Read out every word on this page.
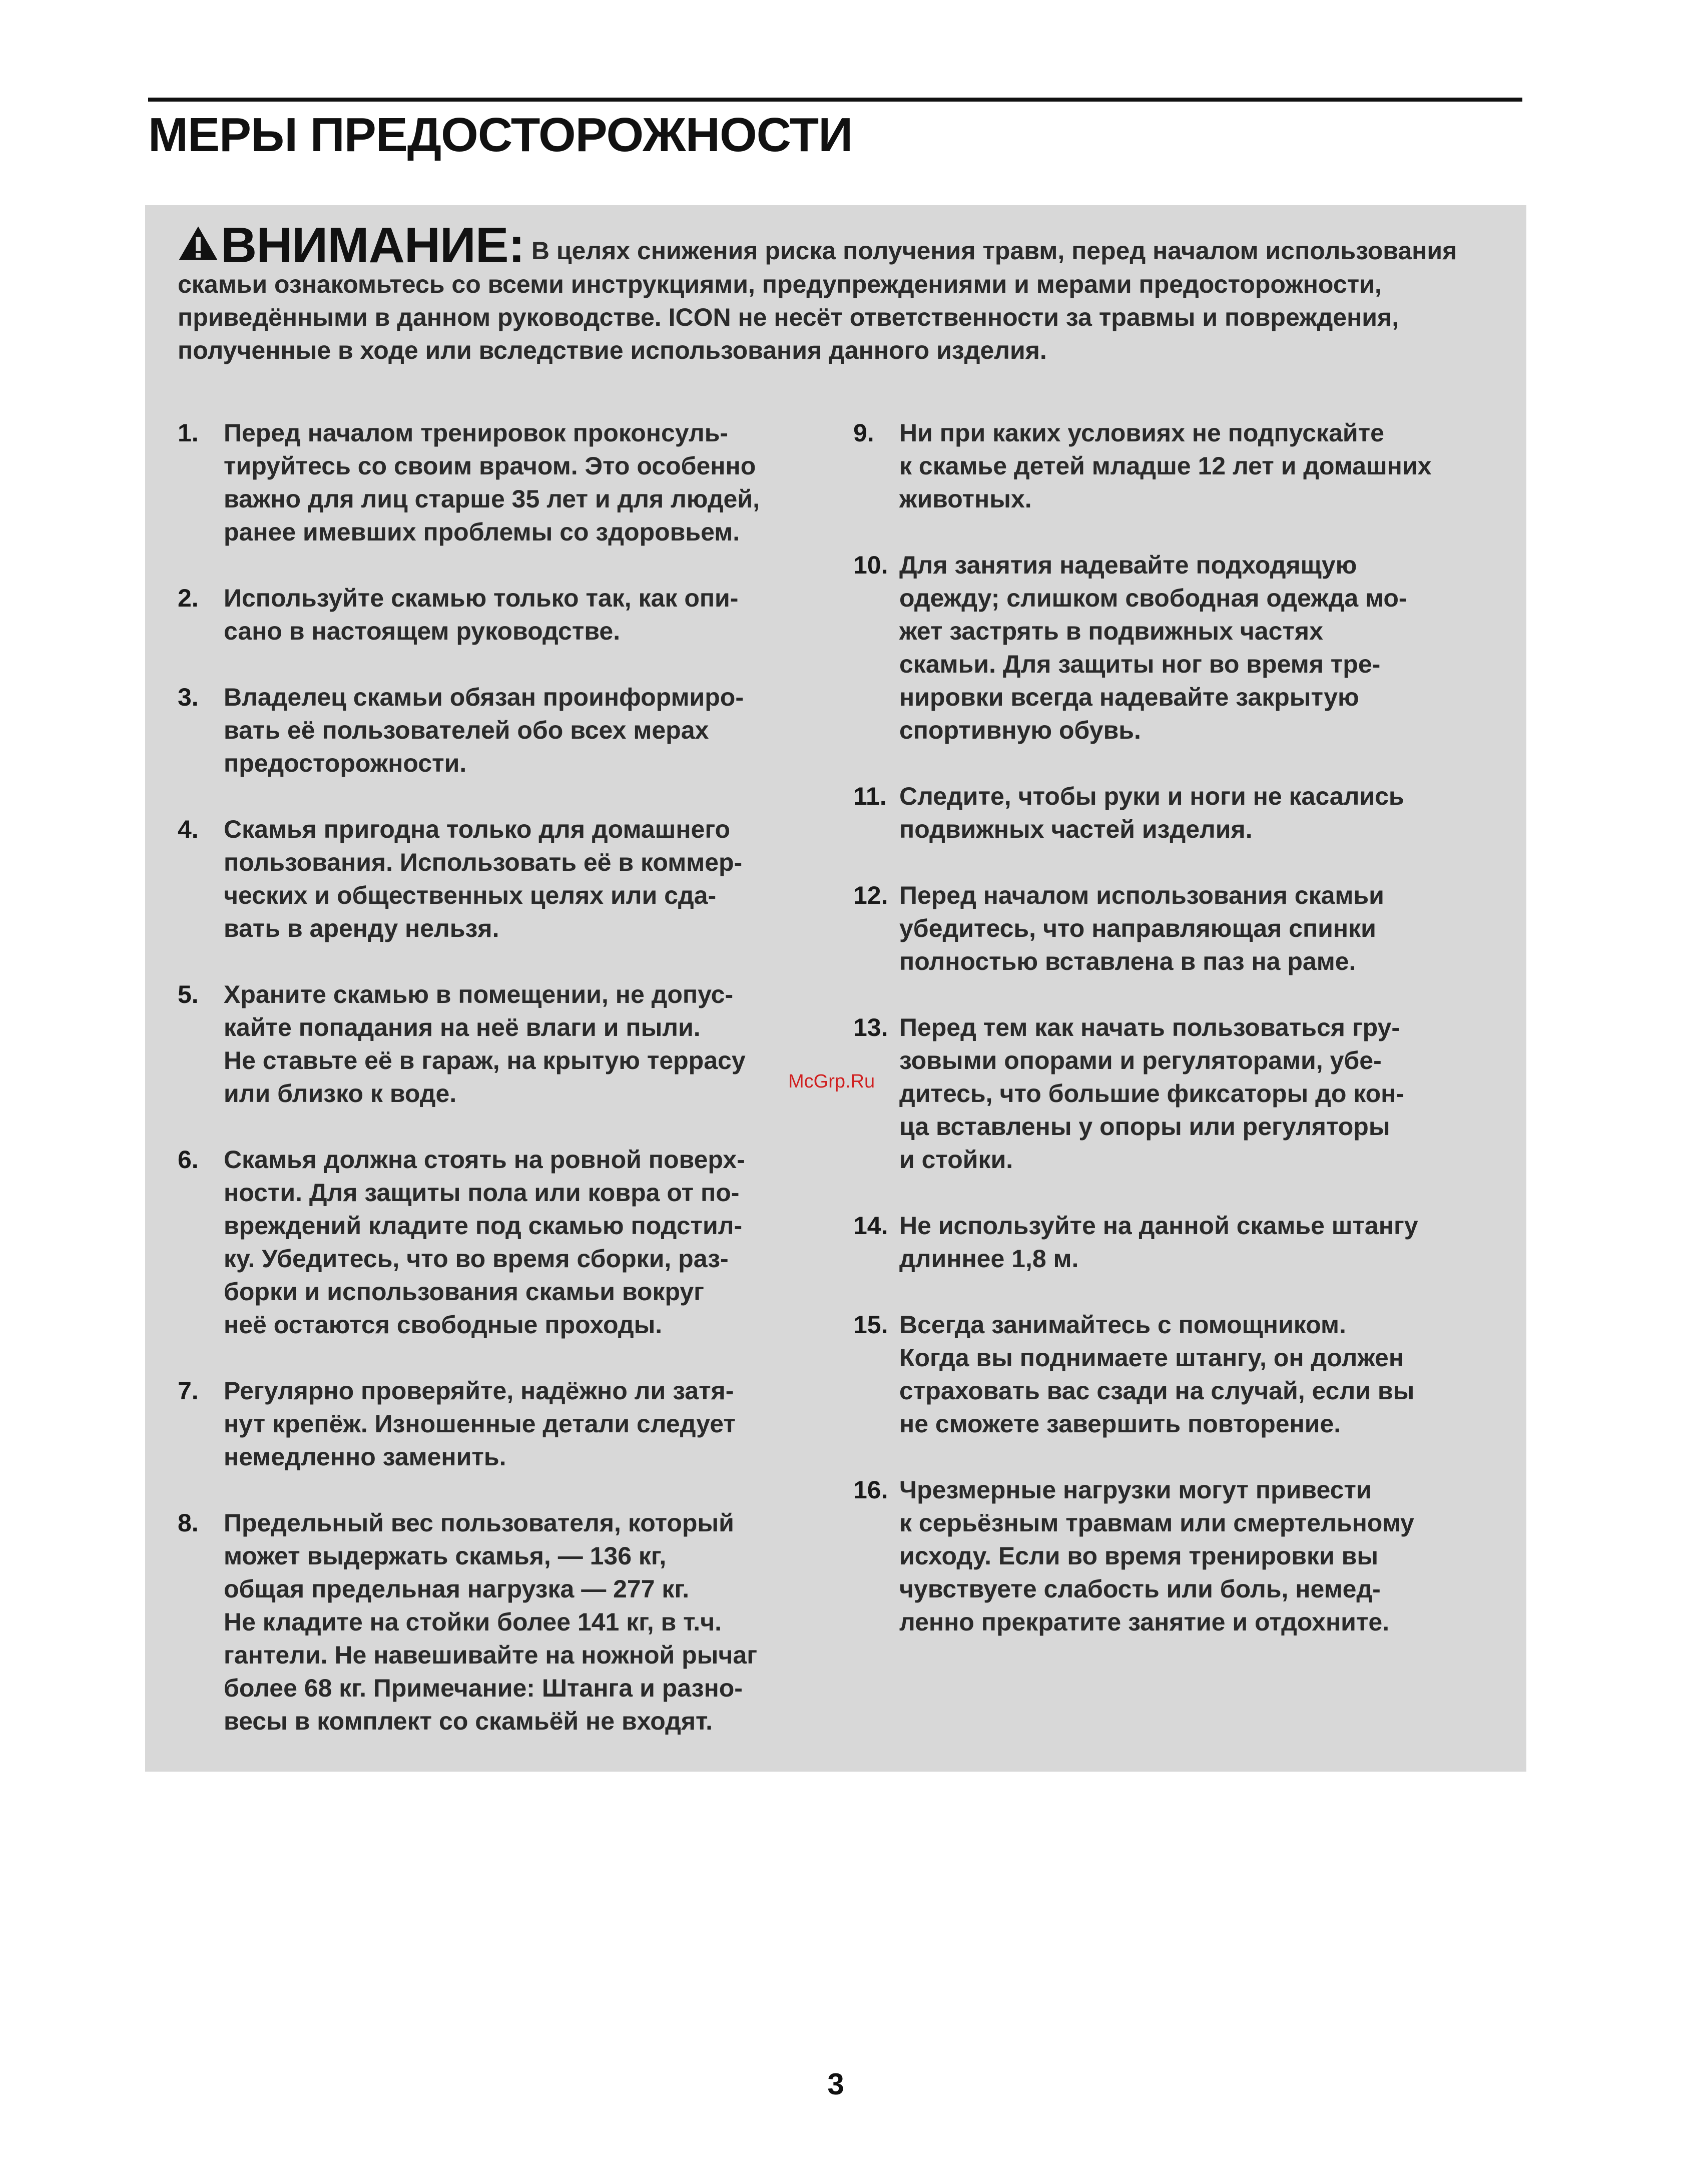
МЕРЫ ПРЕДОСТОРОЖНОСТИ
ВНИМАНИЕ: В целях снижения риска получения травм, перед началом использования скамьи ознакомьтесь со всеми инструкциями, предупреждениями и мерами предосторожности, приведёнными в данном руководстве. ICON не несёт ответственности за травмы и повреждения, полученные в ходе или вследствие использования данного изделия.
1.	Перед началом тренировок проконсуль-
тируйтесь со своим врачом. Это особенно
важно для лиц старше 35 лет и для людей,
ранее имевших проблемы со здоровьем.
2.	Используйте скамью только так, как опи-
сано в настоящем руководстве.
3.	Владелец скамьи обязан проинформиро-
вать её пользователей обо всех мерах
предосторожности.
4.	Скамья пригодна только для домашнего
пользования. Использовать её в коммер-
ческих и общественных целях или сда-
вать в аренду нельзя.
5.	Храните скамью в помещении, не допус-
кайте попадания на неё влаги и пыли.
Не ставьте её в гараж, на крытую террасу
или близко к воде.
6.	Скамья должна стоять на ровной поверх-
ности. Для защиты пола или ковра от по-
вреждений кладите под скамью подстил-
ку. Убедитесь, что во время сборки, раз-
борки и использования скамьи вокруг
неё остаются свободные проходы.
7.	Регулярно проверяйте, надёжно ли затя-
нут крепёж. Изношенные детали следует
немедленно заменить.
8.	Предельный вес пользователя, который
может выдержать скамья, — 136 кг,
общая предельная нагрузка — 277 кг.
Не кладите на стойки более 141 кг, в т.ч.
гантели. Не навешивайте на ножной рычаг
более 68 кг. Примечание: Штанга и разно-
весы в комплект со скамьёй не входят.
9.	Ни при каких условиях не подпускайте
к скамье детей младше 12 лет и домашних
животных.
10. Для занятия надевайте подходящую
одежду; слишком свободная одежда мо-
жет застрять в подвижных частях
скамьи. Для защиты ног во время тре-
нировки всегда надевайте закрытую
спортивную обувь.
11. Следите, чтобы руки и ноги не касались
подвижных частей изделия.
12. Перед началом использования скамьи
убедитесь, что направляющая спинки
полностью вставлена в паз на раме.
13. Перед тем как начать пользоваться гру-
зовыми опорами и регуляторами, убе-
дитесь, что большие фиксаторы до кон-
ца вставлены у опоры или регуляторы
и стойки.
14. Не используйте на данной скамье штангу
длиннее 1,8 м.
15. Всегда занимайтесь с помощником.
Когда вы поднимаете штангу, он должен
страховать вас сзади на случай, если вы
не сможете завершить повторение.
16. Чрезмерные нагрузки могут привести
к серьёзным травмам или смертельному
исходу. Если во время тренировки вы
чувствуете слабость или боль, немед-
ленно прекратите занятие и отдохните.
McGrp.Ru
3
